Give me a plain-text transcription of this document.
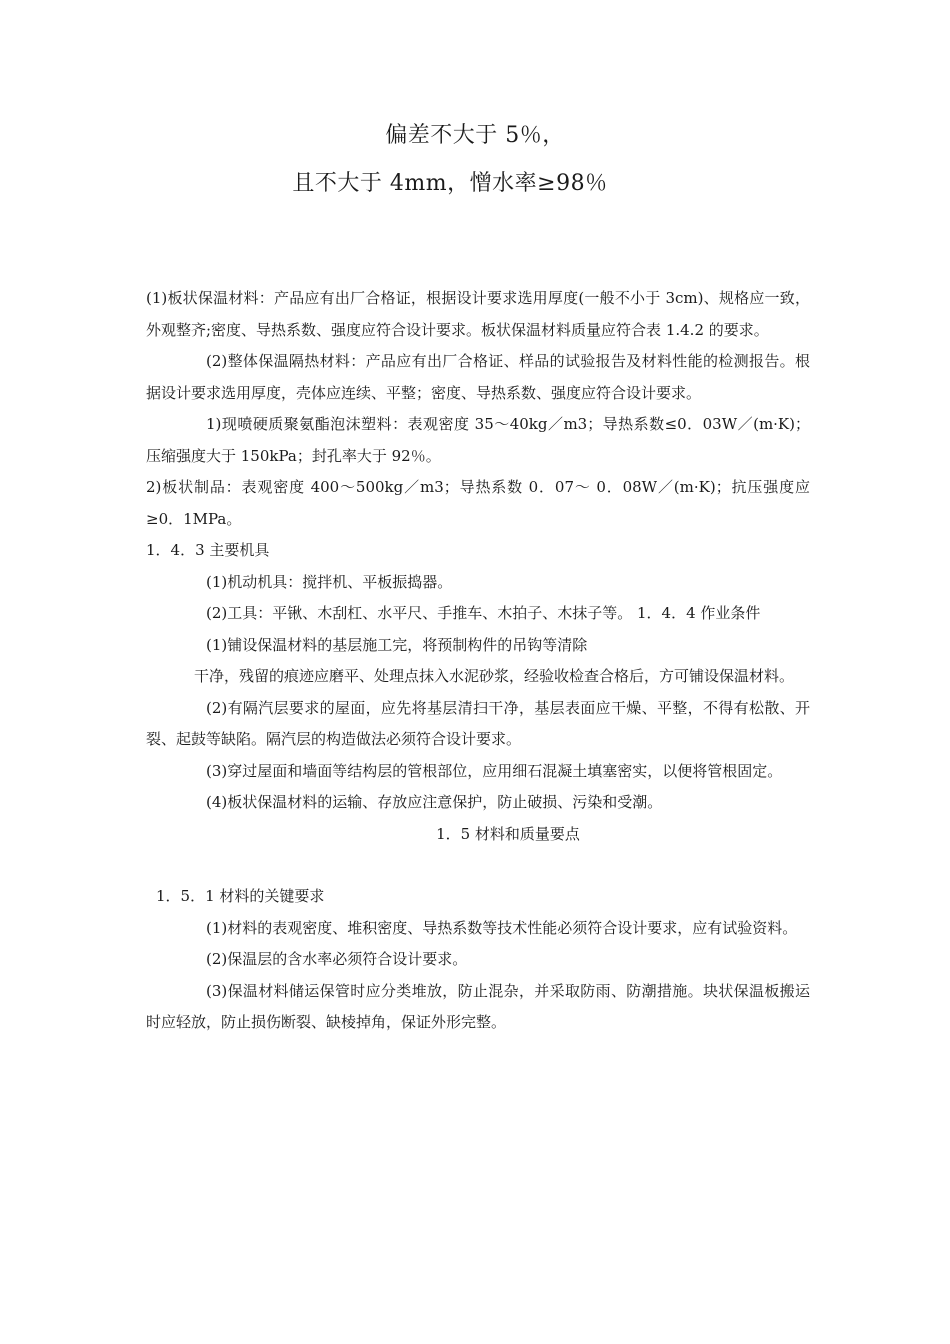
偏差不大于 5％，
且不大于 4mm，憎水率≥98％

(1)板状保温材料：产品应有出厂合格证，根据设计要求选用厚度(一般不小于 3cm)、规格应一致，外观整齐;密度、导热系数、强度应符合设计要求。板状保温材料质量应符合表 1.4.2 的要求。

(2)整体保温隔热材料：产品应有出厂合格证、样品的试验报告及材料性能的检测报告。根据设计要求选用厚度，壳体应连续、平整；密度、导热系数、强度应符合设计要求。

1)现喷硬质聚氨酯泡沫塑料：表观密度 35～40kg／m3；导热系数≤0．03W／(m·K)；压缩强度大于 150kPa；封孔率大于 92％。

2)板状制品：表观密度 400～500kg／m3；导热系数 0．07～ 0．08W／(m·K)；抗压强度应≥0．1MPa。

1．4．3 主要机具

(1)机动机具：搅拌机、平板振捣器。

(2)工具：平锹、木刮杠、水平尺、手推车、木拍子、木抹子等。 1．4．4 作业条件

(1)铺设保温材料的基层施工完，将预制构件的吊钩等清除

干净，残留的痕迹应磨平、处理点抹入水泥砂浆，经验收检查合格后，方可铺设保温材料。

(2)有隔汽层要求的屋面，应先将基层清扫干净，基层表面应干燥、平整，不得有松散、开裂、起鼓等缺陷。隔汽层的构造做法必须符合设计要求。

(3)穿过屋面和墙面等结构层的管根部位，应用细石混凝土填塞密实，以便将管根固定。

(4)板状保温材料的运输、存放应注意保护，防止破损、污染和受潮。

1．5 材料和质量要点

1．5．1 材料的关键要求

(1)材料的表观密度、堆积密度、导热系数等技术性能必须符合设计要求，应有试验资料。

(2)保温层的含水率必须符合设计要求。

(3)保温材料储运保管时应分类堆放，防止混杂，并采取防雨、防潮措施。块状保温板搬运时应轻放，防止损伤断裂、缺棱掉角，保证外形完整。
